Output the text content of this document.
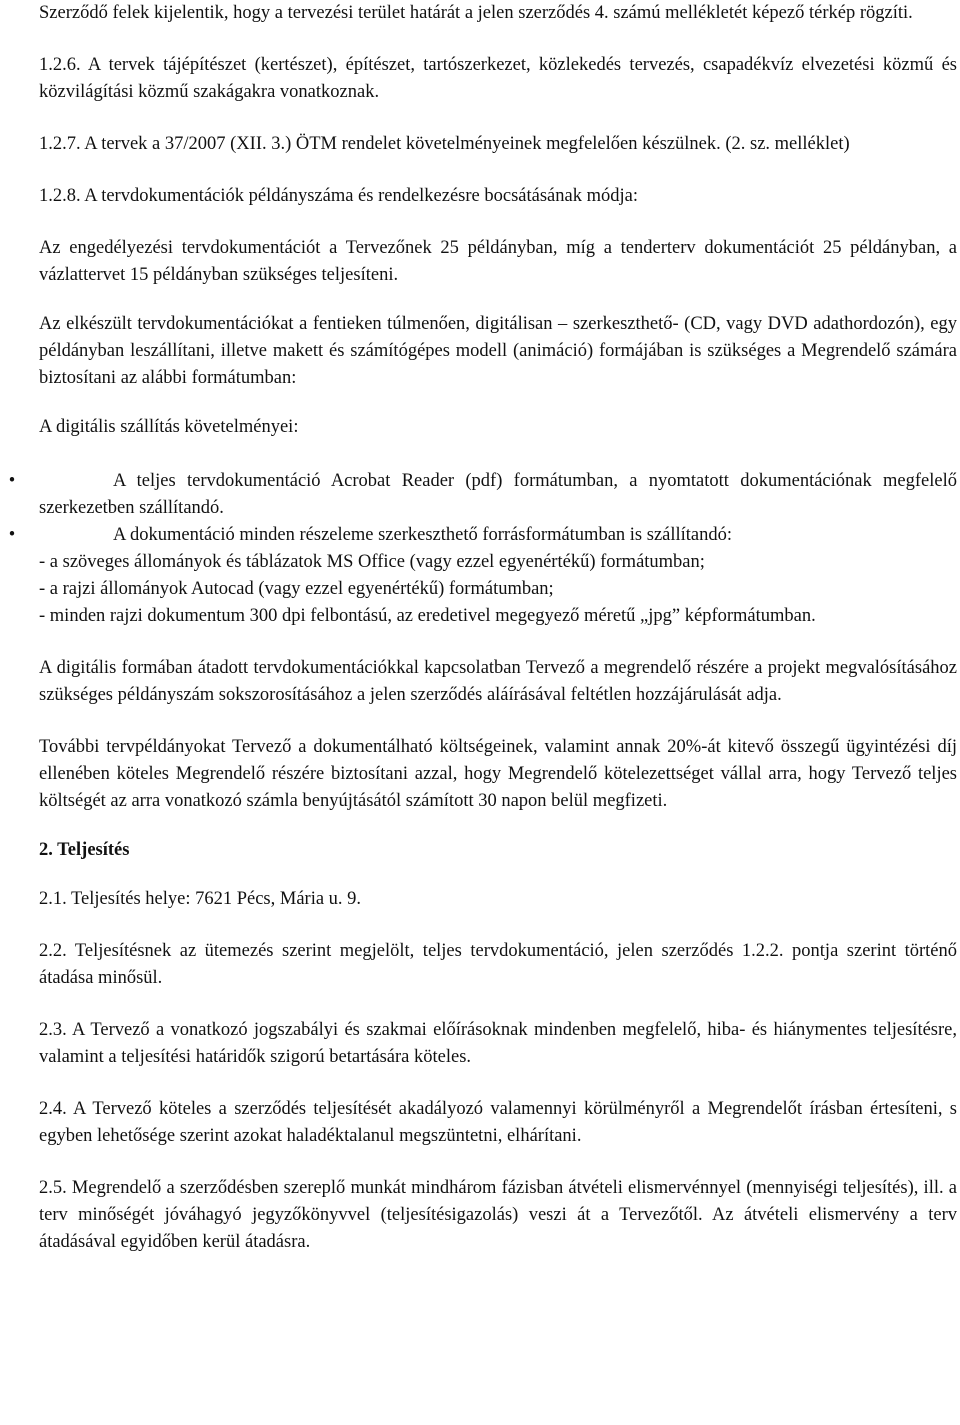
Szerződő felek kijelentik, hogy a tervezési terület határát a jelen szerződés 4. számú mellékletét képező térkép rögzíti.

1.2.6. A tervek tájépítészet (kertészet), építészet, tartószerkezet, közlekedés tervezés, csapadékvíz elvezetési közmű és közvilágítási közmű szakágakra vonatkoznak.

1.2.7. A tervek a 37/2007 (XII. 3.) ÖTM rendelet követelményeinek megfelelően készülnek. (2. sz. melléklet)

1.2.8. A tervdokumentációk példányszáma és rendelkezésre bocsátásának módja:

Az engedélyezési tervdokumentációt a Tervezőnek 25 példányban, míg a tenderterv dokumentációt 25 példányban, a vázlattervet 15 példányban szükséges teljesíteni.

Az elkészült tervdokumentációkat a fentieken túlmenően, digitálisan – szerkeszthető- (CD, vagy DVD adathordozón), egy példányban leszállítani, illetve makett és számítógépes modell (animáció) formájában is szükséges a Megrendelő számára biztosítani az alábbi formátumban:

A digitális szállítás követelményei:

•	A teljes tervdokumentáció Acrobat Reader (pdf) formátumban, a nyomtatott dokumentációnak megfelelő szerkezetben szállítandó.

•	A dokumentáció minden részeleme szerkeszthető forrásformátumban is szállítandó:

- a szöveges állományok és táblázatok MS Office (vagy ezzel egyenértékű) formátumban;

- a rajzi állományok Autocad (vagy ezzel egyenértékű) formátumban;

- minden rajzi dokumentum 300 dpi felbontású, az eredetivel megegyező méretű „jpg” képformátumban.

A digitális formában átadott tervdokumentációkkal kapcsolatban Tervező a megrendelő részére a projekt megvalósításához szükséges példányszám sokszorosításához a jelen szerződés aláírásával feltétlen hozzájárulását adja.

További tervpéldányokat Tervező a dokumentálható költségeinek, valamint annak 20%-át kitevő összegű ügyintézési díj ellenében köteles Megrendelő részére biztosítani azzal, hogy Megrendelő kötelezettséget vállal arra, hogy Tervező teljes költségét az arra vonatkozó számla benyújtásától számított 30 napon belül megfizeti.

2. Teljesítés

2.1. Teljesítés helye: 7621 Pécs, Mária u. 9.

2.2. Teljesítésnek az ütemezés szerint megjelölt, teljes tervdokumentáció, jelen szerződés 1.2.2. pontja szerint történő átadása minősül.

2.3. A Tervező a vonatkozó jogszabályi és szakmai előírásoknak mindenben megfelelő, hiba- és hiánymentes teljesítésre, valamint a teljesítési határidők szigorú betartására köteles.

2.4. A Tervező köteles a szerződés teljesítését akadályozó valamennyi körülményről a Megrendelőt írásban értesíteni, s egyben lehetősége szerint azokat haladéktalanul megszüntetni, elhárítani.

2.5. Megrendelő a szerződésben szereplő munkát mindhárom fázisban átvételi elismervénnyel (mennyiségi teljesítés), ill. a terv minőségét jóváhagyó jegyzőkönyvvel (teljesítésigazolás) veszi át a Tervezőtől. Az átvételi elismervény a terv átadásával egyidőben kerül átadásra.
